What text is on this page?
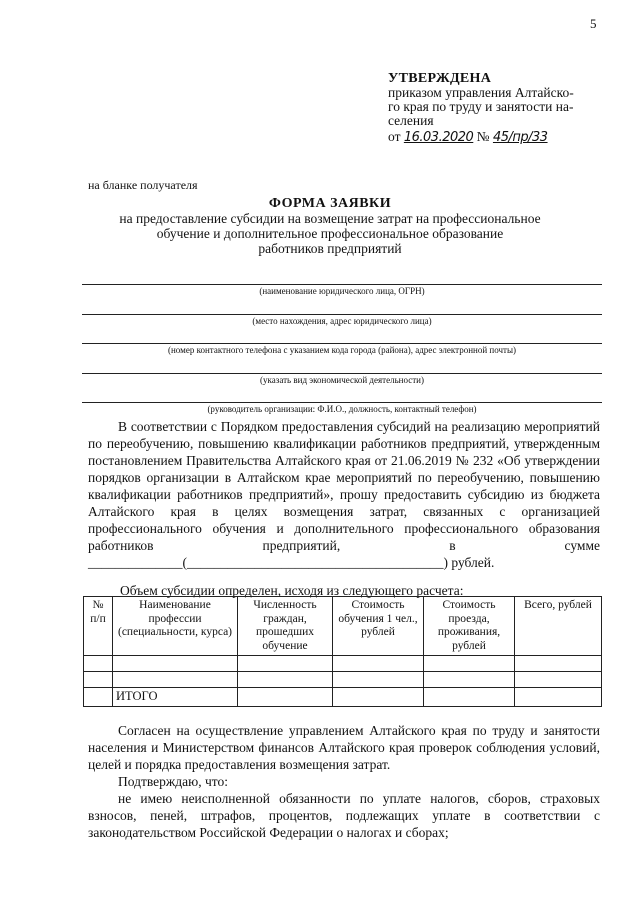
5
УТВЕРЖДЕНА
приказом управления Алтайско-
го края по труду и занятости на-
селения
от 16.03.2020 № 45/пр/33
на бланке получателя
ФОРМА ЗАЯВКИ
на предоставление субсидии на возмещение затрат на профессиональное
обучение и дополнительное профессиональное образование
работников предприятий
(наименование юридического лица, ОГРН)
(место нахождения, адрес юридического лица)
(номер контактного телефона с указанием кода города (района), адрес электронной почты)
(указать вид экономической деятельности)
(руководитель организации: Ф.И.О., должность, контактный телефон)

В соответствии с Порядком предоставления субсидий на реализацию мероприятий по переобучению, повышению квалификации работников предприятий, утвержденным постановлением Правительства Алтайского края от 21.06.2019 № 232 «Об утверждении порядков организации в Алтайском крае мероприятий по переобучению, повышению квалификации работников предприятий», прошу предоставить субсидию из бюджета Алтайского края в целях возмещения затрат, связанных с организацией профессионального обучения и дополнительного профессионального образования работников предприятий, в сумме ______________(______________________________________) рублей.

Объем субсидии определен, исходя из следующего расчета:
№ п/п	Наименование профессии (специальности, курса)	Численность граждан, прошедших обучение	Стоимость обучения 1 чел., рублей	Стоимость проезда, проживания, рублей	Всего, рублей

	ИТОГО				

Согласен на осуществление управлением Алтайского края по труду и занятости населения и Министерством финансов Алтайского края проверок соблюдения условий, целей и порядка предоставления возмещения затрат.

Подтверждаю, что:

не имею неисполненной обязанности по уплате налогов, сборов, страховых взносов, пеней, штрафов, процентов, подлежащих уплате в соответствии с законодательством Российской Федерации о налогах и сборах;
